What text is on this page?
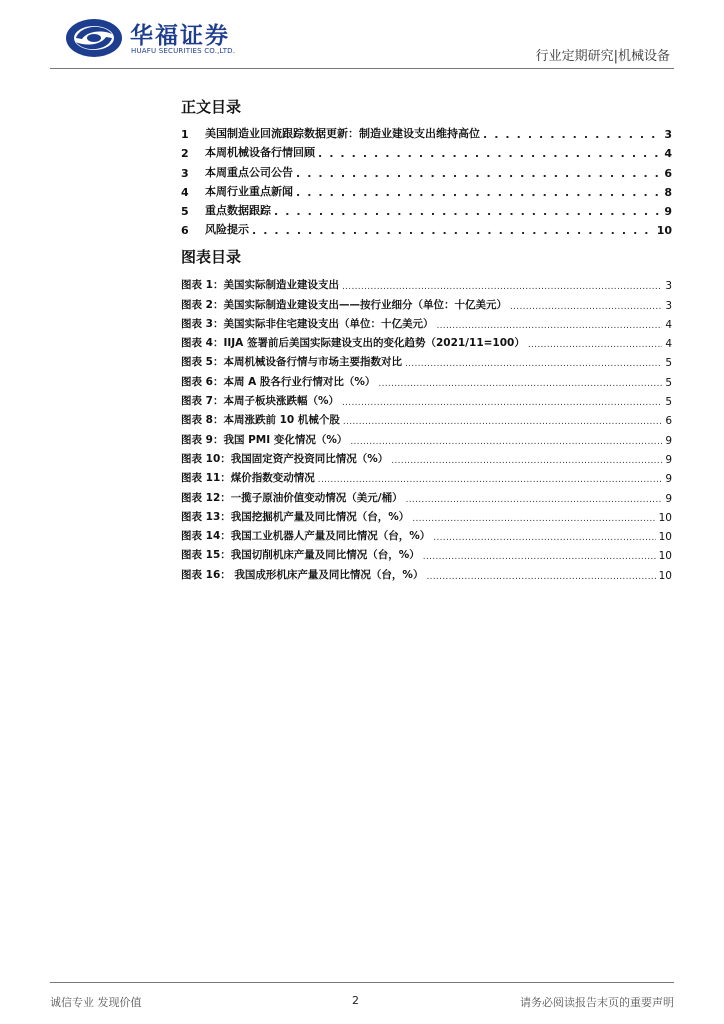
华福证券
HUAFU SECURITIES CO.,LTD.	行业定期研究|机械设备
正文目录
1	美国制造业回流跟踪数据更新：制造业建设支出维持高位 . . .	3
2	本周机械设备行情回顾 . . .	4
3	本周重点公司公告 . . .	6
4	本周行业重点新闻 . . .	8
5	重点数据跟踪 . . .	9
6	风险提示 . . .	10
图表目录
图表 1：美国实际制造业建设支出 .....	3
图表 2：美国实际制造业建设支出——按行业细分（单位：十亿美元） .....	3
图表 3：美国实际非住宅建设支出（单位：十亿美元） .....	4
图表 4：IIJA 签署前后美国实际建设支出的变化趋势（2021/11=100） .....	4
图表 5：本周机械设备行情与市场主要指数对比 .....	5
图表 6：本周 A 股各行业行情对比（%） .....	5
图表 7：本周子板块涨跌幅（%） .....	5
图表 8：本周涨跌前 10 机械个股 .....	6
图表 9：我国 PMI 变化情况（%） .....	9
图表 10：我国固定资产投资同比情况（%） .....	9
图表 11：煤价指数变动情况 .....	9
图表 12：一揽子原油价值变动情况（美元/桶） .....	9
图表 13：我国挖掘机产量及同比情况（台，%） .....	10
图表 14：我国工业机器人产量及同比情况（台，%） .....	10
图表 15：我国切削机床产量及同比情况（台，%） .....	10
图表 16： 我国成形机床产量及同比情况（台，%） .....	10
诚信专业 发现价值	2	请务必阅读报告末页的重要声明
